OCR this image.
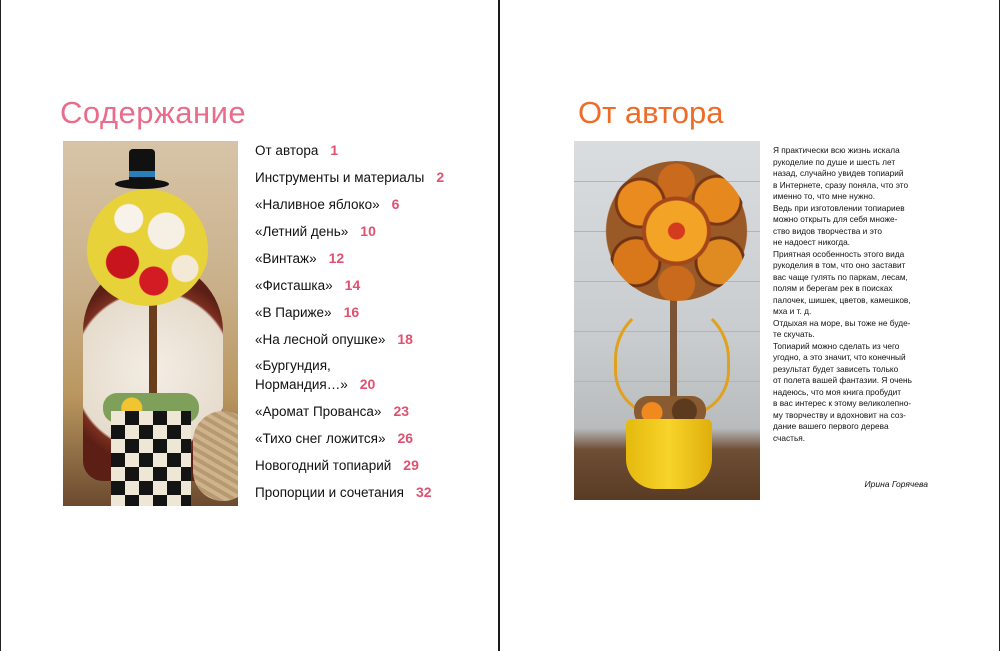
Содержание
От автора 1
Инструменты и материалы 2
«Наливное яблоко» 6
«Летний день» 10
«Винтаж» 12
«Фисташка» 14
«В Париже» 16
«На лесной опушке» 18
«Бургундия,
Нормандия…» 20
«Аромат Прованса» 23
«Тихо снег ложится» 26
Новогодний топиарий 29
Пропорции и сочетания 32
От автора

Я практически всю жизнь искала

рукоделие по душе и шесть лет

назад, случайно увидев топиарий

в Интернете, сразу поняла, что это

именно то, что мне нужно.

Ведь при изготовлении топиариев

можно открыть для себя множе-

ство видов творчества и это

не надоест никогда.

Приятная особенность этого вида

рукоделия в том, что оно заставит

вас чаще гулять по паркам, лесам,

полям и берегам рек в поисках

палочек, шишек, цветов, камешков,

мха и т. д.

Отдыхая на море, вы тоже не буде-

те скучать.

Топиарий можно сделать из чего

угодно, а это значит, что конечный

результат будет зависеть только

от полета вашей фантазии. Я очень

надеюсь, что моя книга пробудит

в вас интерес к этому великолепно-

му творчеству и вдохновит на соз-

дание вашего первого дерева

счастья.

Ирина Горячева
